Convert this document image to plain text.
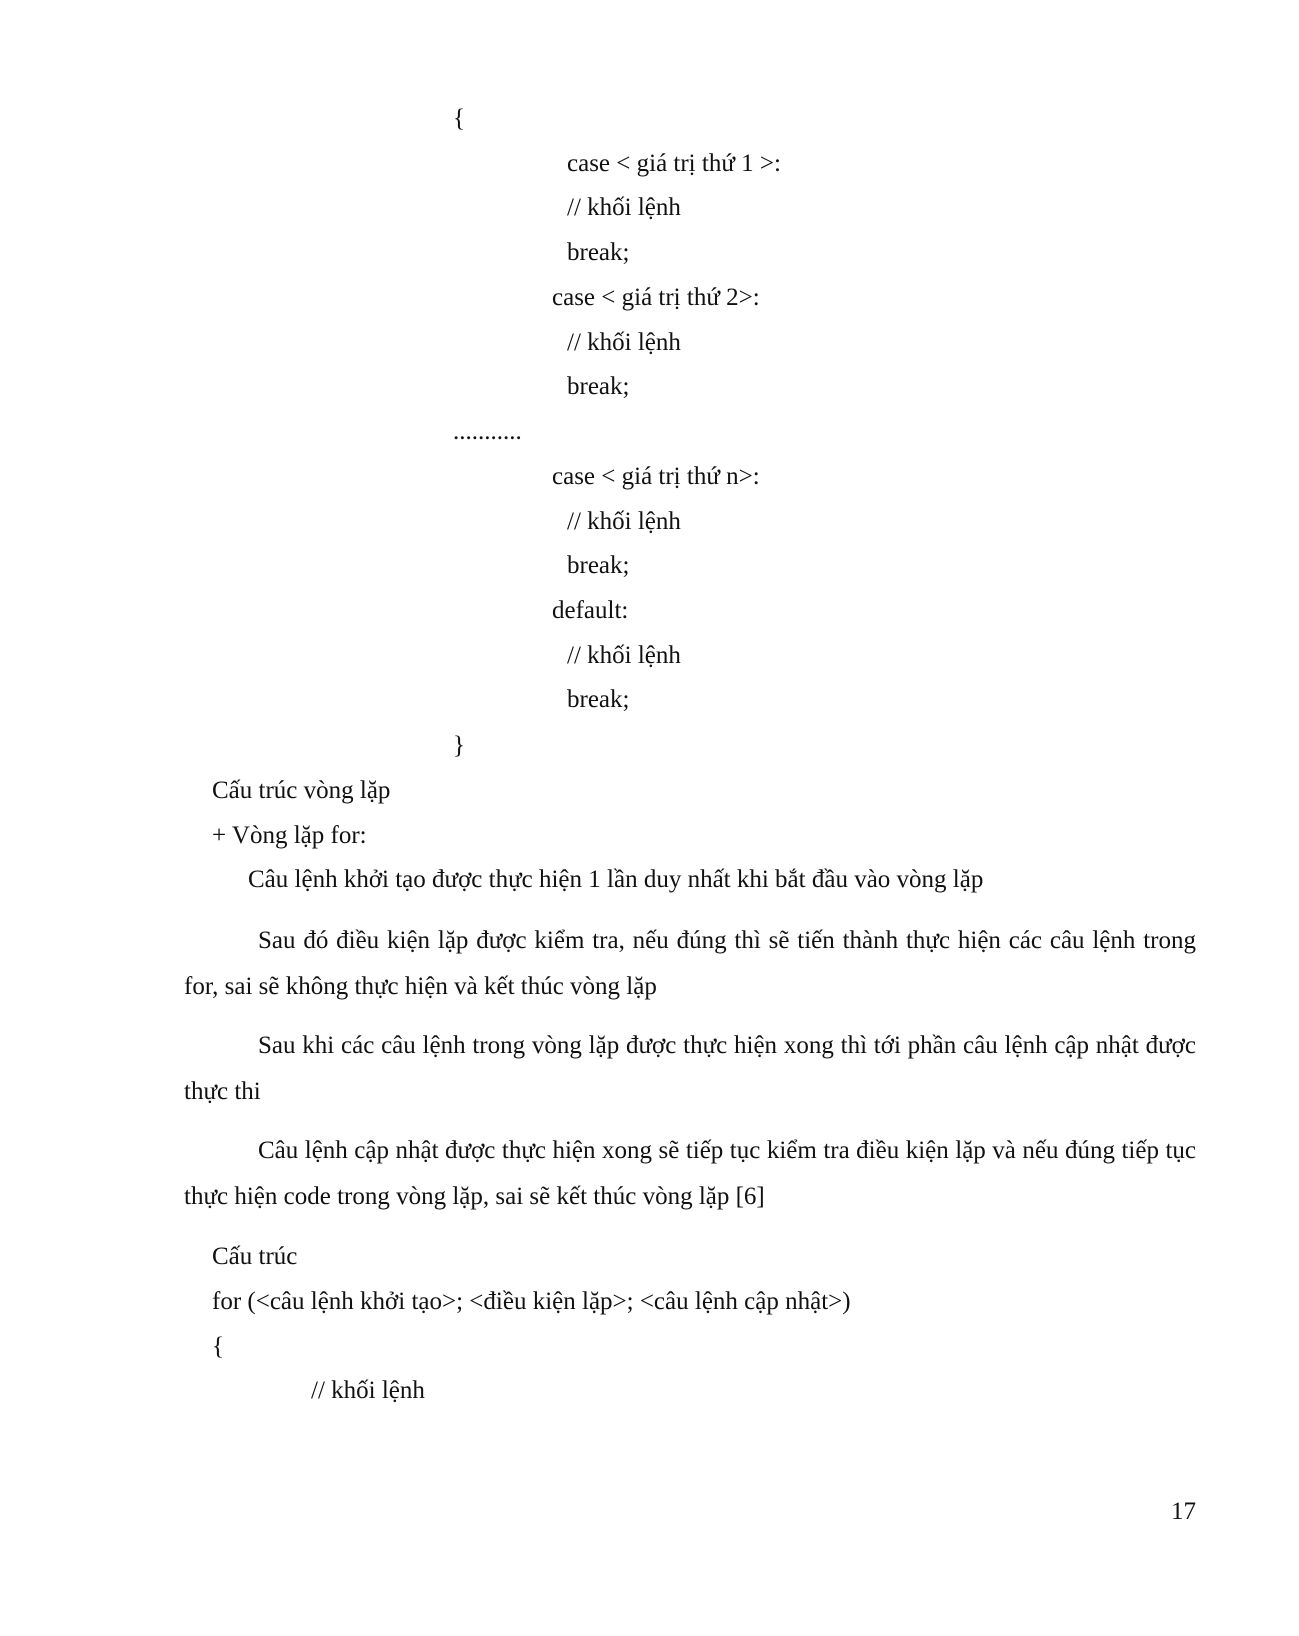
{
case < giá trị thứ 1 >:
// khối lệnh
break;
case < giá trị thứ 2>:
// khối lệnh
break;
...........
case < giá trị thứ n>:
// khối lệnh
break;
default:
// khối lệnh
break;
}
Cấu trúc vòng lặp
+ Vòng lặp for:
Câu lệnh khởi tạo được thực hiện 1 lần duy nhất khi bắt đầu vào vòng lặp

Sau đó điều kiện lặp được kiểm tra, nếu đúng thì sẽ tiến thành thực hiện các câu lệnh trong for, sai sẽ không thực hiện và kết thúc vòng lặp

Sau khi các câu lệnh trong vòng lặp được thực hiện xong thì tới phần câu lệnh cập nhật được thực thi

Câu lệnh cập nhật được thực hiện xong sẽ tiếp tục kiểm tra điều kiện lặp và nếu đúng tiếp tục thực hiện code trong vòng lặp, sai sẽ kết thúc vòng lặp [6]

Cấu trúc
for (<câu lệnh khởi tạo>; <điều kiện lặp>; <câu lệnh cập nhật>)
{
// khối lệnh
17
